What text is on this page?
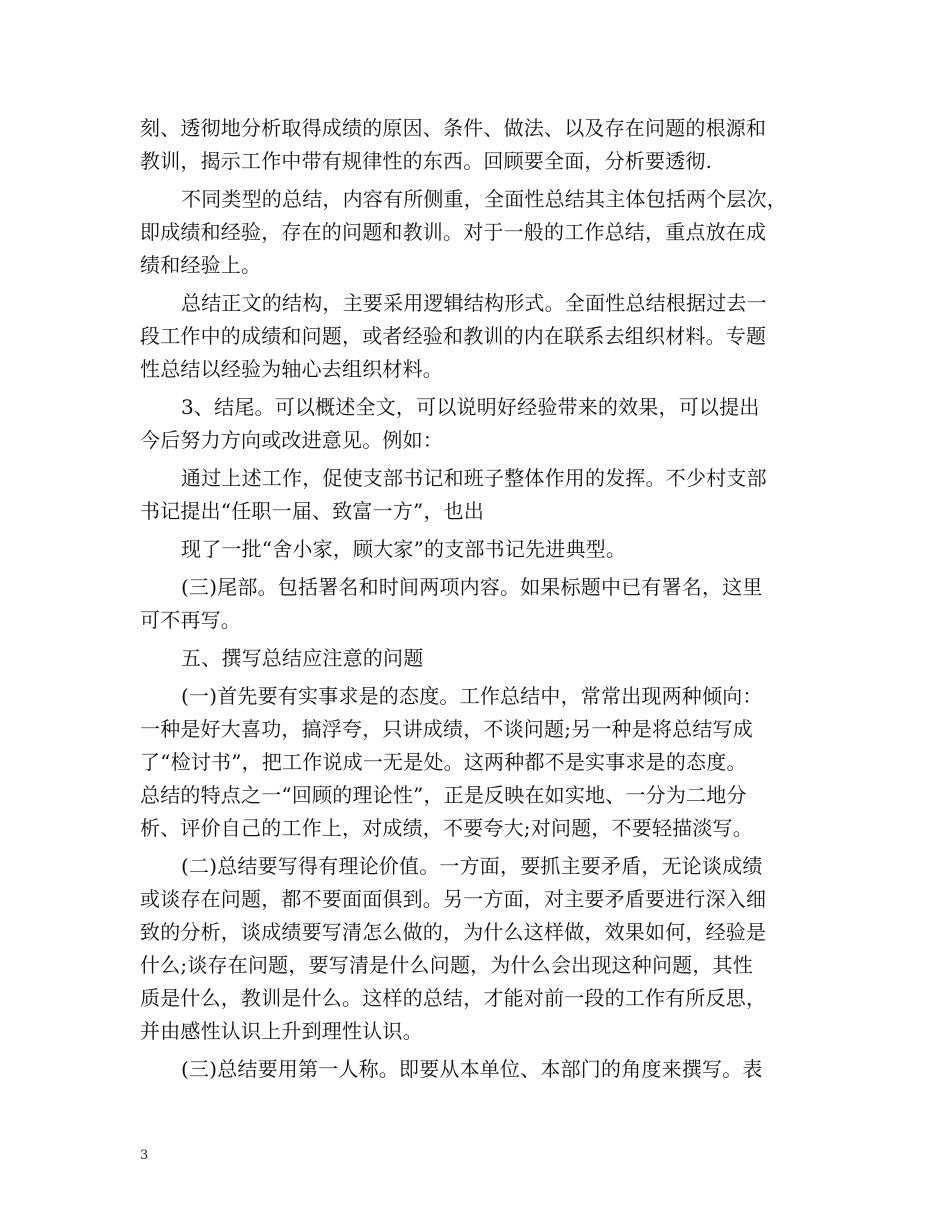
刻、透彻地分析取得成绩的原因、条件、做法、以及存在问题的根源和
教训，揭示工作中带有规律性的东西。回顾要全面，分析要透彻.
不同类型的总结，内容有所侧重，全面性总结其主体包括两个层次，
即成绩和经验，存在的问题和教训。对于一般的工作总结，重点放在成
绩和经验上。
总结正文的结构，主要采用逻辑结构形式。全面性总结根据过去一
段工作中的成绩和问题，或者经验和教训的内在联系去组织材料。专题
性总结以经验为轴心去组织材料。
3、结尾。可以概述全文，可以说明好经验带来的效果，可以提出
今后努力方向或改进意见。例如：
通过上述工作，促使支部书记和班子整体作用的发挥。不少村支部
书记提出“任职一届、致富一方”，也出
现了一批“舍小家，顾大家”的支部书记先进典型。
(三)尾部。包括署名和时间两项内容。如果标题中已有署名，这里
可不再写。
五、撰写总结应注意的问题
(一)首先要有实事求是的态度。工作总结中，常常出现两种倾向：
一种是好大喜功，搞浮夸，只讲成绩，不谈问题;另一种是将总结写成
了“检讨书”，把工作说成一无是处。这两种都不是实事求是的态度。
总结的特点之一“回顾的理论性”，正是反映在如实地、一分为二地分
析、评价自己的工作上，对成绩，不要夸大;对问题，不要轻描淡写。
(二)总结要写得有理论价值。一方面，要抓主要矛盾，无论谈成绩
或谈存在问题，都不要面面俱到。另一方面，对主要矛盾要进行深入细
致的分析，谈成绩要写清怎么做的，为什么这样做，效果如何，经验是
什么;谈存在问题，要写清是什么问题，为什么会出现这种问题，其性
质是什么，教训是什么。这样的总结，才能对前一段的工作有所反思，
并由感性认识上升到理性认识。
(三)总结要用第一人称。即要从本单位、本部门的角度来撰写。表
3
